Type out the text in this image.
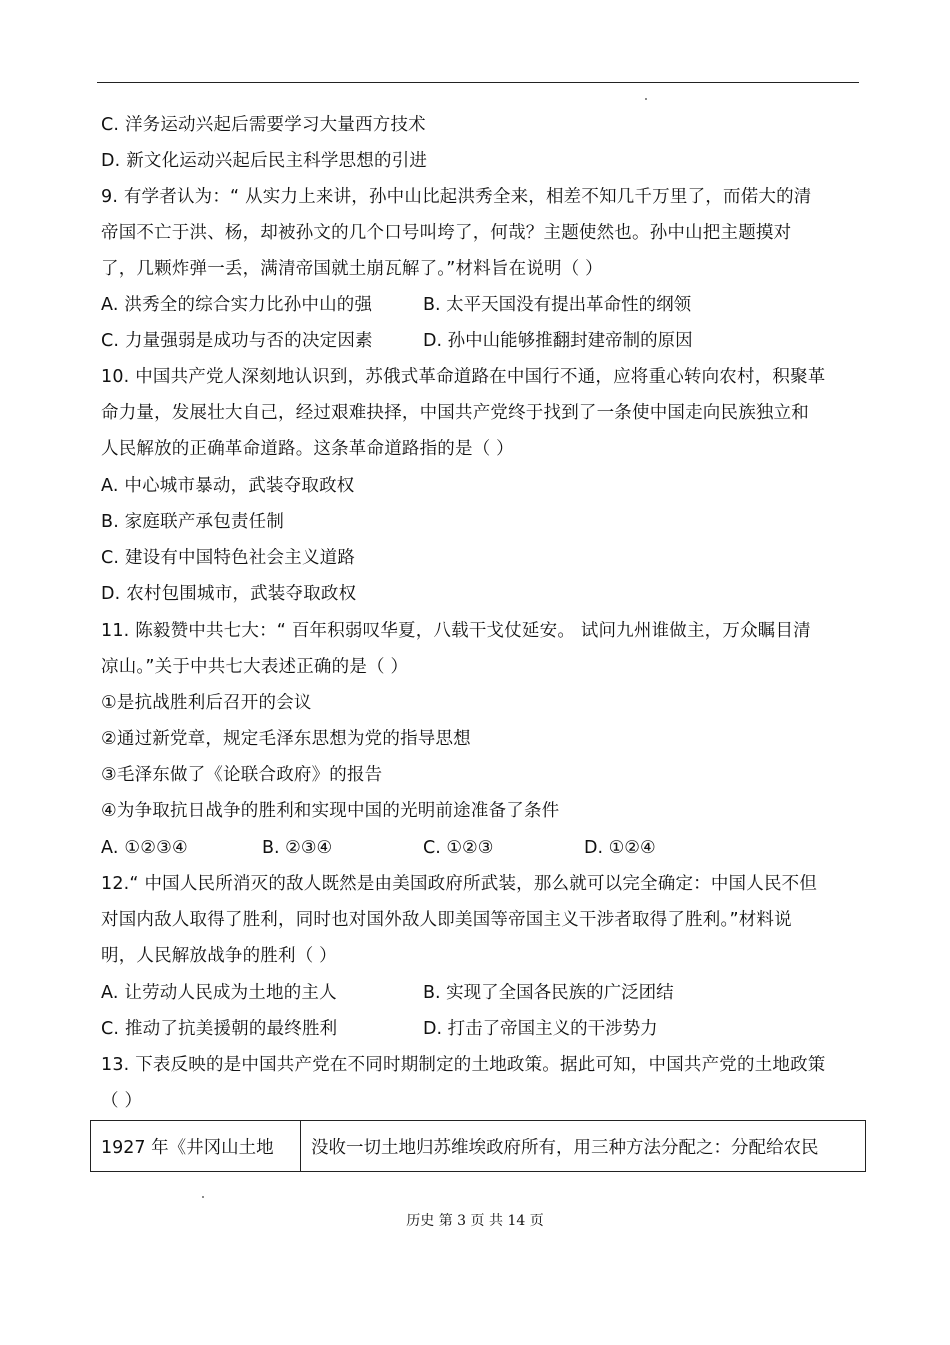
C. 洋务运动兴起后需要学习大量西方技术
D. 新文化运动兴起后民主科学思想的引进
9. 有学者认为：“ 从实力上来讲，孙中山比起洪秀全来，相差不知几千万里了，而偌大的清
帝国不亡于洪、杨，却被孙文的几个口号叫垮了，何哉？主题使然也。孙中山把主题摸对
了，几颗炸弹一丢，满清帝国就土崩瓦解了。”材料旨在说明（ ）
A. 洪秀全的综合实力比孙中山的强	B. 太平天国没有提出革命性的纲领
C. 力量强弱是成功与否的决定因素	D. 孙中山能够推翻封建帝制的原因
10. 中国共产党人深刻地认识到，苏俄式革命道路在中国行不通，应将重心转向农村，积聚革
命力量，发展壮大自己，经过艰难抉择，中国共产党终于找到了一条使中国走向民族独立和
人民解放的正确革命道路。这条革命道路指的是（ ）
A. 中心城市暴动，武装夺取政权
B. 家庭联产承包责任制
C. 建设有中国特色社会主义道路
D. 农村包围城市，武装夺取政权
11. 陈毅赞中共七大：“ 百年积弱叹华夏，八载干戈仗延安。 试问九州谁做主，万众瞩目清
凉山。”关于中共七大表述正确的是（ ）
①是抗战胜利后召开的会议
②通过新党章，规定毛泽东思想为党的指导思想
③毛泽东做了《论联合政府》的报告
④为争取抗日战争的胜利和实现中国的光明前途准备了条件
A. ①②③④	B. ②③④	C. ①②③	D. ①②④
12.“ 中国人民所消灭的敌人既然是由美国政府所武装，那么就可以完全确定：中国人民不但
对国内敌人取得了胜利，同时也对国外敌人即美国等帝国主义干涉者取得了胜利。”材料说
明，人民解放战争的胜利（ ）
A. 让劳动人民成为土地的主人	B. 实现了全国各民族的广泛团结
C. 推动了抗美援朝的最终胜利	D. 打击了帝国主义的干涉势力
13. 下表反映的是中国共产党在不同时期制定的土地政策。据此可知，中国共产党的土地政策
（ ）
1927 年《井冈山土地	没收一切土地归苏维埃政府所有，用三种方法分配之：分配给农民
历史 第 3 页 共 14 页
